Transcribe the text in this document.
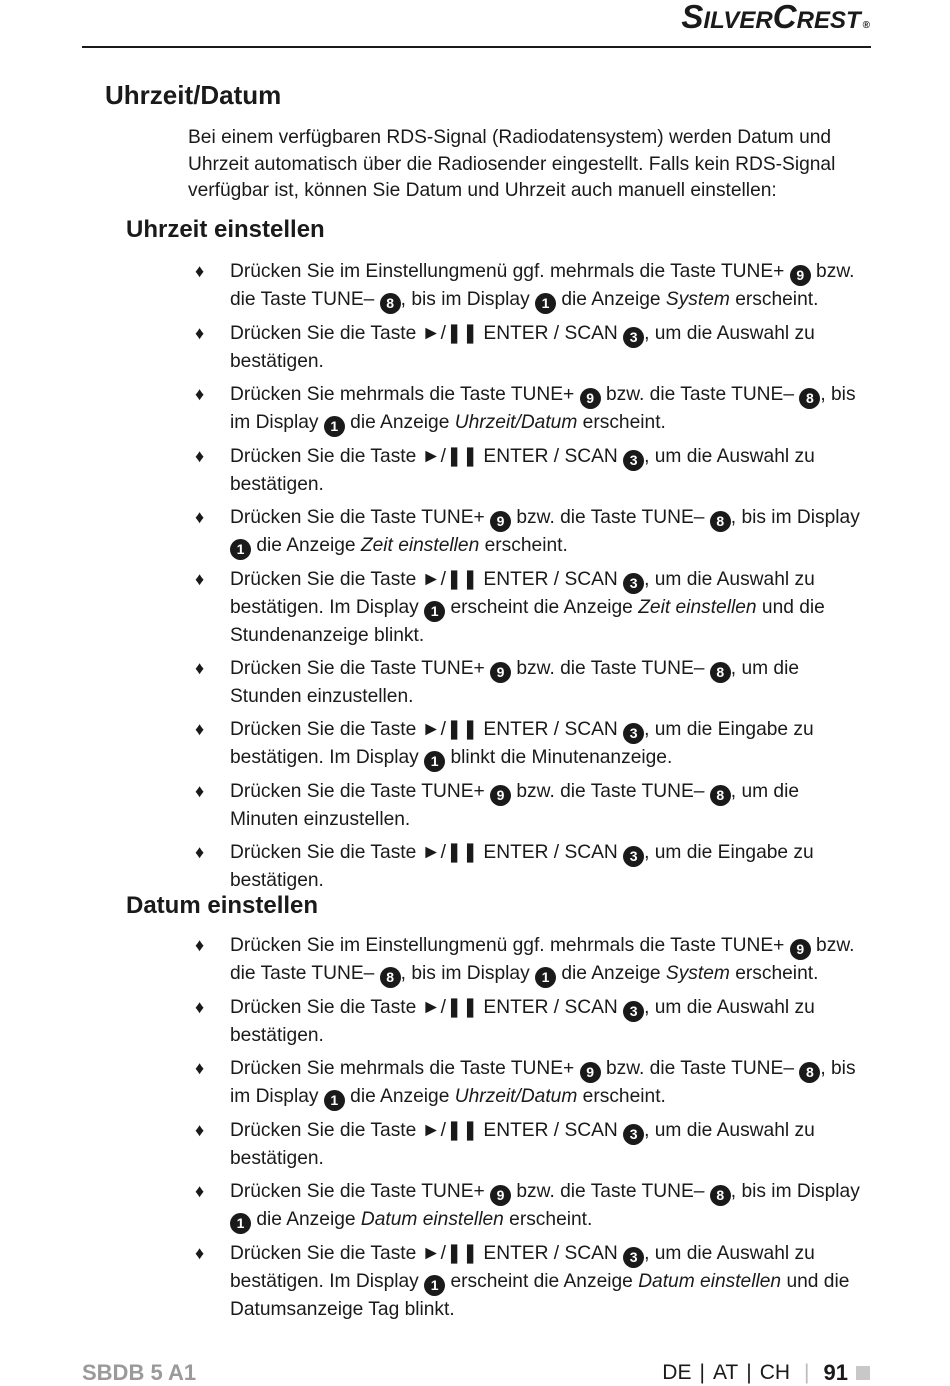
S ILVER C REST ®
Uhrzeit/Datum

Bei einem verfügbaren RDS-Signal (Radiodatensystem) werden Datum und Uhrzeit automatisch über die Radiosender eingestellt. Falls kein RDS-Signal verfügbar ist, können Sie Datum und Uhrzeit auch manuell einstellen:

Uhrzeit einstellen
♦ Drücken Sie im Einstellungmenü ggf. mehrmals die Taste TUNE+ 9 bzw. die Taste TUNE– 8 , bis im Display 1 die Anzeige System erscheint.
♦ Drücken Sie die Taste ►/❚❚ ENTER / SCAN 3 , um die Auswahl zu bestätigen.
♦ Drücken Sie mehrmals die Taste TUNE+ 9 bzw. die Taste TUNE– 8 , bis im Display 1 die Anzeige Uhrzeit/Datum erscheint.
♦ Drücken Sie die Taste ►/❚❚ ENTER / SCAN 3 , um die Auswahl zu bestätigen.
♦ Drücken Sie die Taste TUNE+ 9 bzw. die Taste TUNE– 8 , bis im Display 1 die Anzeige Zeit einstellen erscheint.
♦ Drücken Sie die Taste ►/❚❚ ENTER / SCAN 3 , um die Auswahl zu bestätigen. Im Display 1 erscheint die Anzeige Zeit einstellen und die Stundenanzeige blinkt.
♦ Drücken Sie die Taste TUNE+ 9 bzw. die Taste TUNE– 8 , um die Stunden einzustellen.
♦ Drücken Sie die Taste ►/❚❚ ENTER / SCAN 3 , um die Eingabe zu bestätigen. Im Display 1 blinkt die Minutenanzeige.
♦ Drücken Sie die Taste TUNE+ 9 bzw. die Taste TUNE– 8 , um die Minuten einzustellen.
♦ Drücken Sie die Taste ►/❚❚ ENTER / SCAN 3 , um die Eingabe zu bestätigen.
Datum einstellen
♦ Drücken Sie im Einstellungmenü ggf. mehrmals die Taste TUNE+ 9 bzw. die Taste TUNE– 8 , bis im Display 1 die Anzeige System erscheint.
♦ Drücken Sie die Taste ►/❚❚ ENTER / SCAN 3 , um die Auswahl zu bestätigen.
♦ Drücken Sie mehrmals die Taste TUNE+ 9 bzw. die Taste TUNE– 8 , bis im Display 1 die Anzeige Uhrzeit/Datum erscheint.
♦ Drücken Sie die Taste ►/❚❚ ENTER / SCAN 3 , um die Auswahl zu bestätigen.
♦ Drücken Sie die Taste TUNE+ 9 bzw. die Taste TUNE– 8 , bis im Display 1 die Anzeige Datum einstellen erscheint.
♦ Drücken Sie die Taste ►/❚❚ ENTER / SCAN 3 , um die Auswahl zu bestätigen. Im Display 1 erscheint die Anzeige Datum einstellen und die Datumsanzeige Tag blinkt.
SBDB 5 A1	DE | AT | CH | 91
